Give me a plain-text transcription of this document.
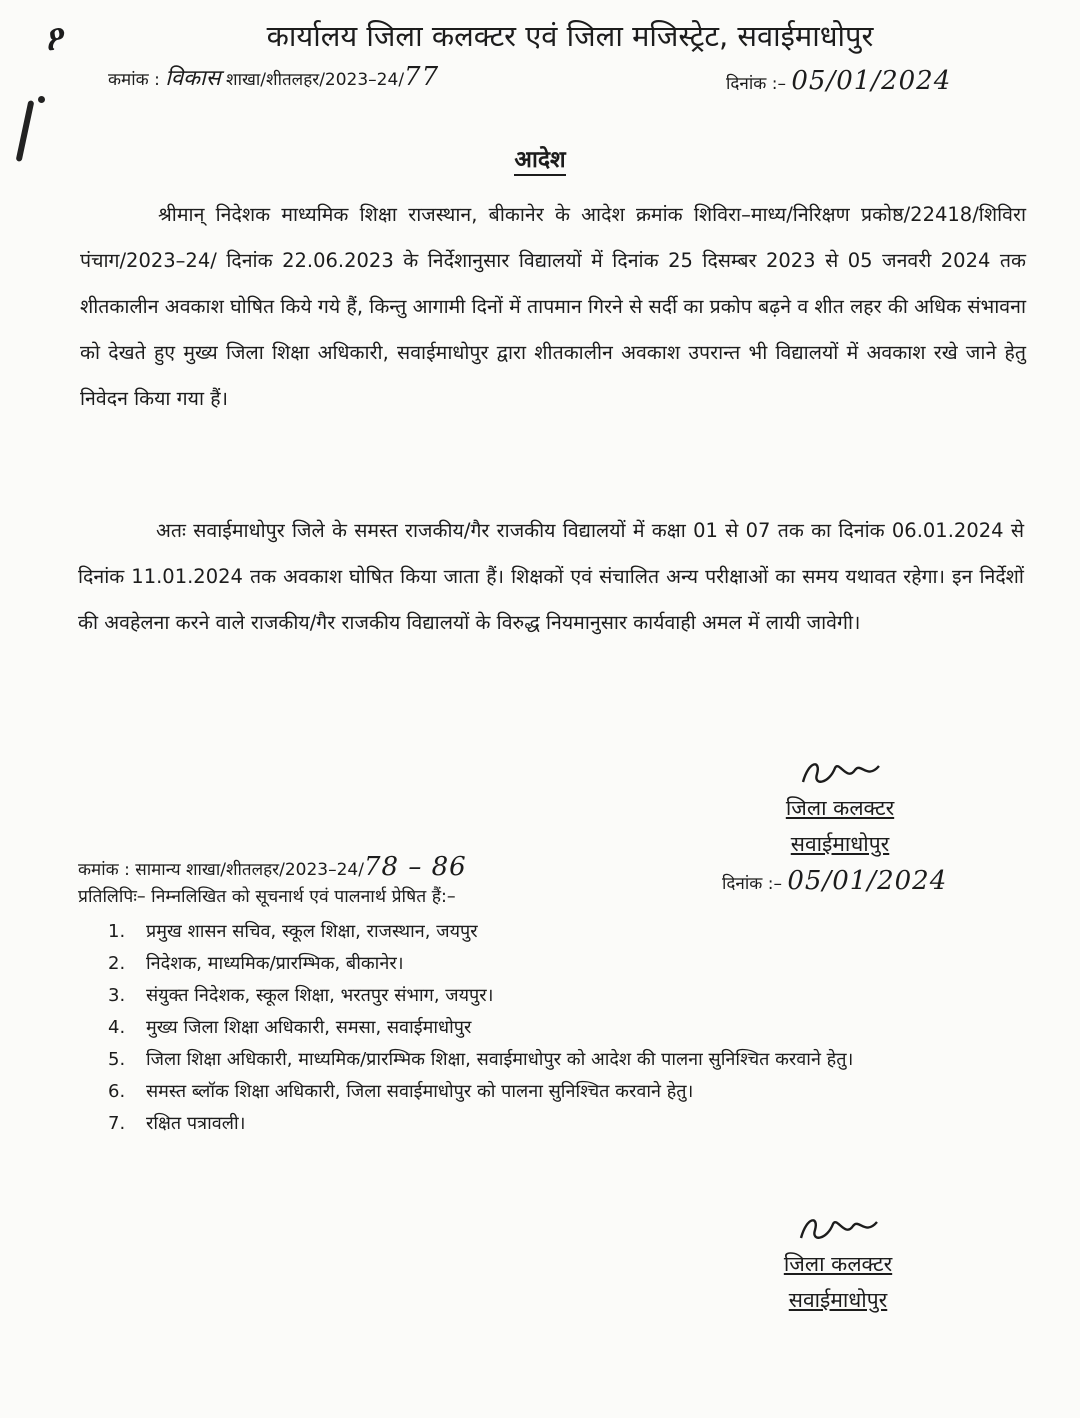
ዖ	कार्यालय जिला कलक्टर एवं जिला मजिस्ट्रेट, सवाईमाधोपुर
कमांक : विकास शाखा/शीतलहर/2023–24/77	दिनांक :– 05/01/2024
आदेश
श्रीमान् निदेशक माध्यमिक शिक्षा राजस्थान, बीकानेर के आदेश क्रमांक शिविरा–माध्य/निरिक्षण प्रकोष्ठ/22418/शिविरा पंचाग/2023–24/ दिनांक 22.06.2023 के निर्देशानुसार विद्यालयों में दिनांक 25 दिसम्बर 2023 से 05 जनवरी 2024 तक शीतकालीन अवकाश घोषित किये गये हैं, किन्तु आगामी दिनों में तापमान गिरने से सर्दी का प्रकोप बढ़ने व शीत लहर की अधिक संभावना को देखते हुए मुख्य जिला शिक्षा अधिकारी, सवाईमाधोपुर द्वारा शीतकालीन अवकाश उपरान्त भी विद्यालयों में अवकाश रखे जाने हेतु निवेदन किया गया हैं।
अतः सवाईमाधोपुर जिले के समस्त राजकीय/गैर राजकीय विद्यालयों में कक्षा 01 से 07 तक का दिनांक 06.01.2024 से दिनांक 11.01.2024 तक अवकाश घोषित किया जाता हैं। शिक्षकों एवं संचालित अन्य परीक्षाओं का समय यथावत रहेगा। इन निर्देशों की अवहेलना करने वाले राजकीय/गैर राजकीय विद्यालयों के विरुद्ध नियमानुसार कार्यवाही अमल में लायी जावेगी।
जिला कलक्टर
सवाईमाधोपुर
कमांक : सामान्य शाखा/शीतलहर/2023–24/78 – 86
दिनांक :– 05/01/2024
प्रतिलिपिः– निम्नलिखित को सूचनार्थ एवं पालनार्थ प्रेषित हैं:–
1.	प्रमुख शासन सचिव, स्कूल शिक्षा, राजस्थान, जयपुर
2.	निदेशक, माध्यमिक/प्रारम्भिक, बीकानेर।
3.	संयुक्त निदेशक, स्कूल शिक्षा, भरतपुर संभाग, जयपुर।
4.	मुख्य जिला शिक्षा अधिकारी, समसा, सवाईमाधोपुर
5.	जिला शिक्षा अधिकारी, माध्यमिक/प्रारम्भिक शिक्षा, सवाईमाधोपुर को आदेश की पालना सुनिश्चित करवाने हेतु।
6.	समस्त ब्लॉक शिक्षा अधिकारी, जिला सवाईमाधोपुर को पालना सुनिश्चित करवाने हेतु।
7.	रक्षित पत्रावली।
जिला कलक्टर
सवाईमाधोपुर
